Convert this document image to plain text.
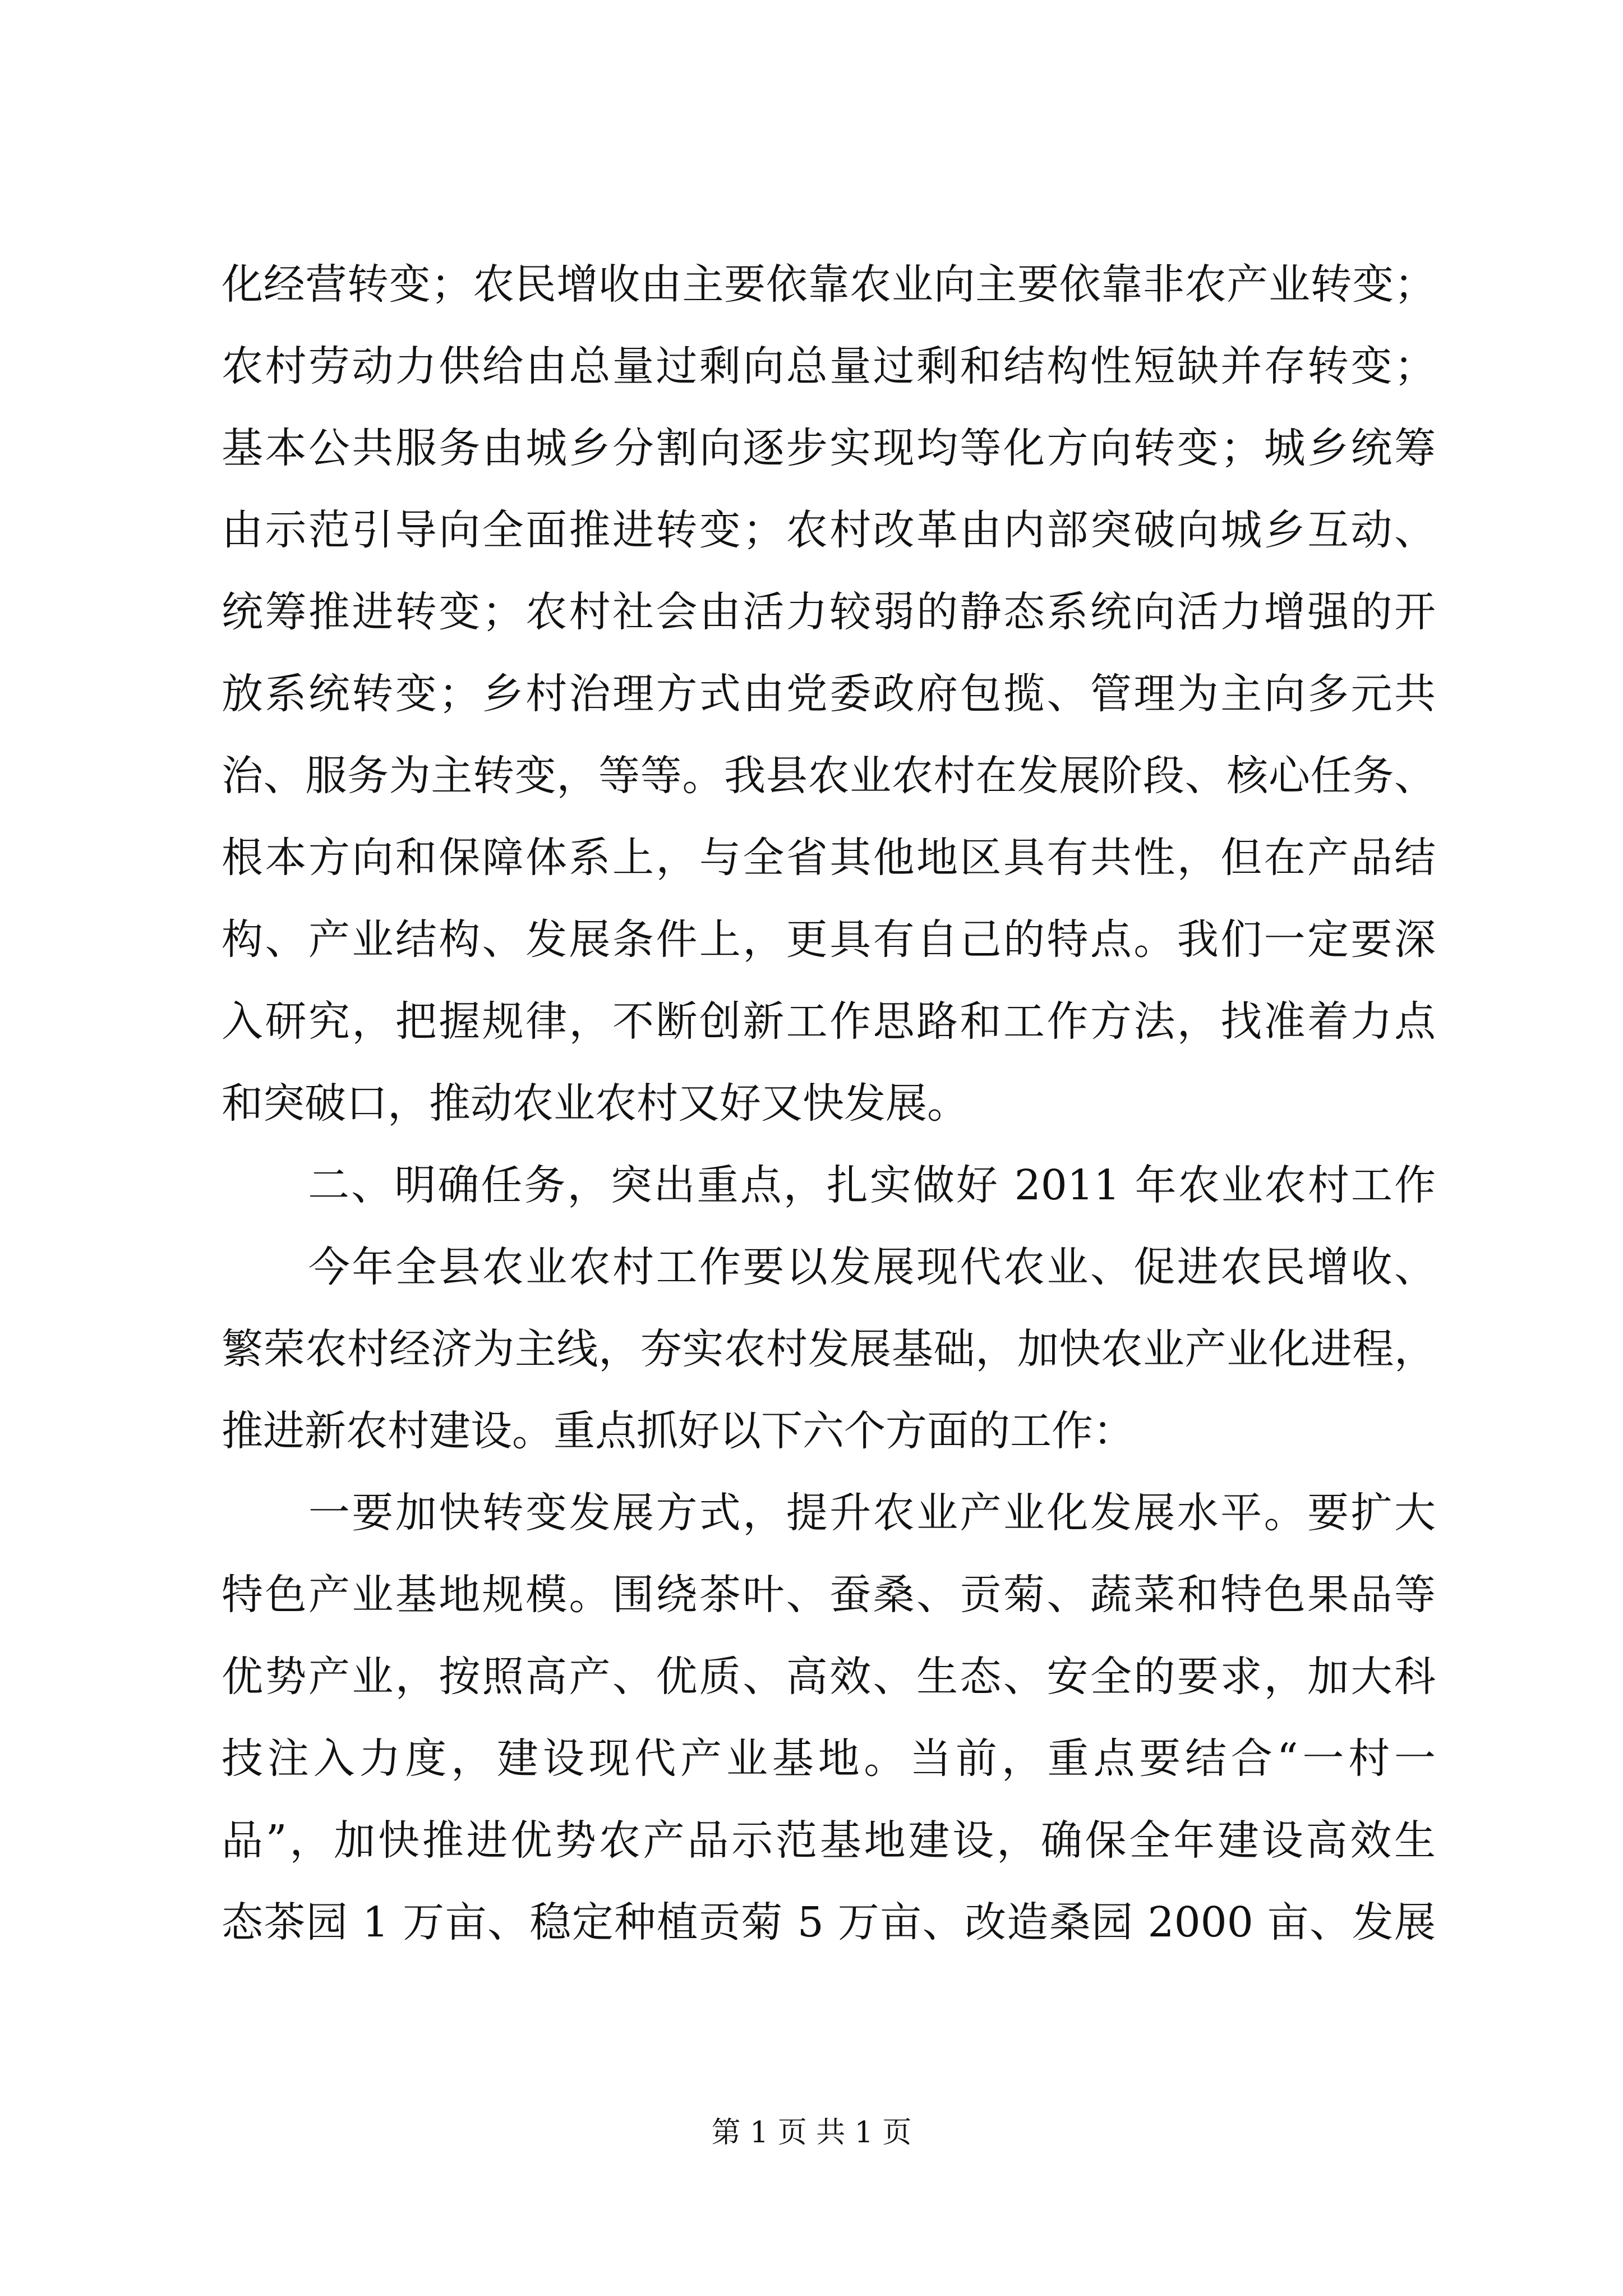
化经营转变；农民增收由主要依靠农业向主要依靠非农产业转变；
农村劳动力供给由总量过剩向总量过剩和结构性短缺并存转变；
基本公共服务由城乡分割向逐步实现均等化方向转变；城乡统筹
由示范引导向全面推进转变；农村改革由内部突破向城乡互动、
统筹推进转变；农村社会由活力较弱的静态系统向活力增强的开
放系统转变；乡村治理方式由党委政府包揽、管理为主向多元共
治、服务为主转变，等等。我县农业农村在发展阶段、核心任务、
根本方向和保障体系上，与全省其他地区具有共性，但在产品结
构、产业结构、发展条件上，更具有自己的特点。我们一定要深
入研究，把握规律，不断创新工作思路和工作方法，找准着力点
和突破口，推动农业农村又好又快发展。
　　二、明确任务，突出重点，扎实做好 2011 年农业农村工作
　　今年全县农业农村工作要以发展现代农业、促进农民增收、
繁荣农村经济为主线，夯实农村发展基础，加快农业产业化进程，
推进新农村建设。重点抓好以下六个方面的工作：
　　一要加快转变发展方式，提升农业产业化发展水平。要扩大
特色产业基地规模。围绕茶叶、蚕桑、贡菊、蔬菜和特色果品等
优势产业，按照高产、优质、高效、生态、安全的要求，加大科
技注入力度，建设现代产业基地。当前，重点要结合“一村一
品”，加快推进优势农产品示范基地建设，确保全年建设高效生
态茶园 1 万亩、稳定种植贡菊 5 万亩、改造桑园 2000 亩、发展
第 1 页 共 1 页
